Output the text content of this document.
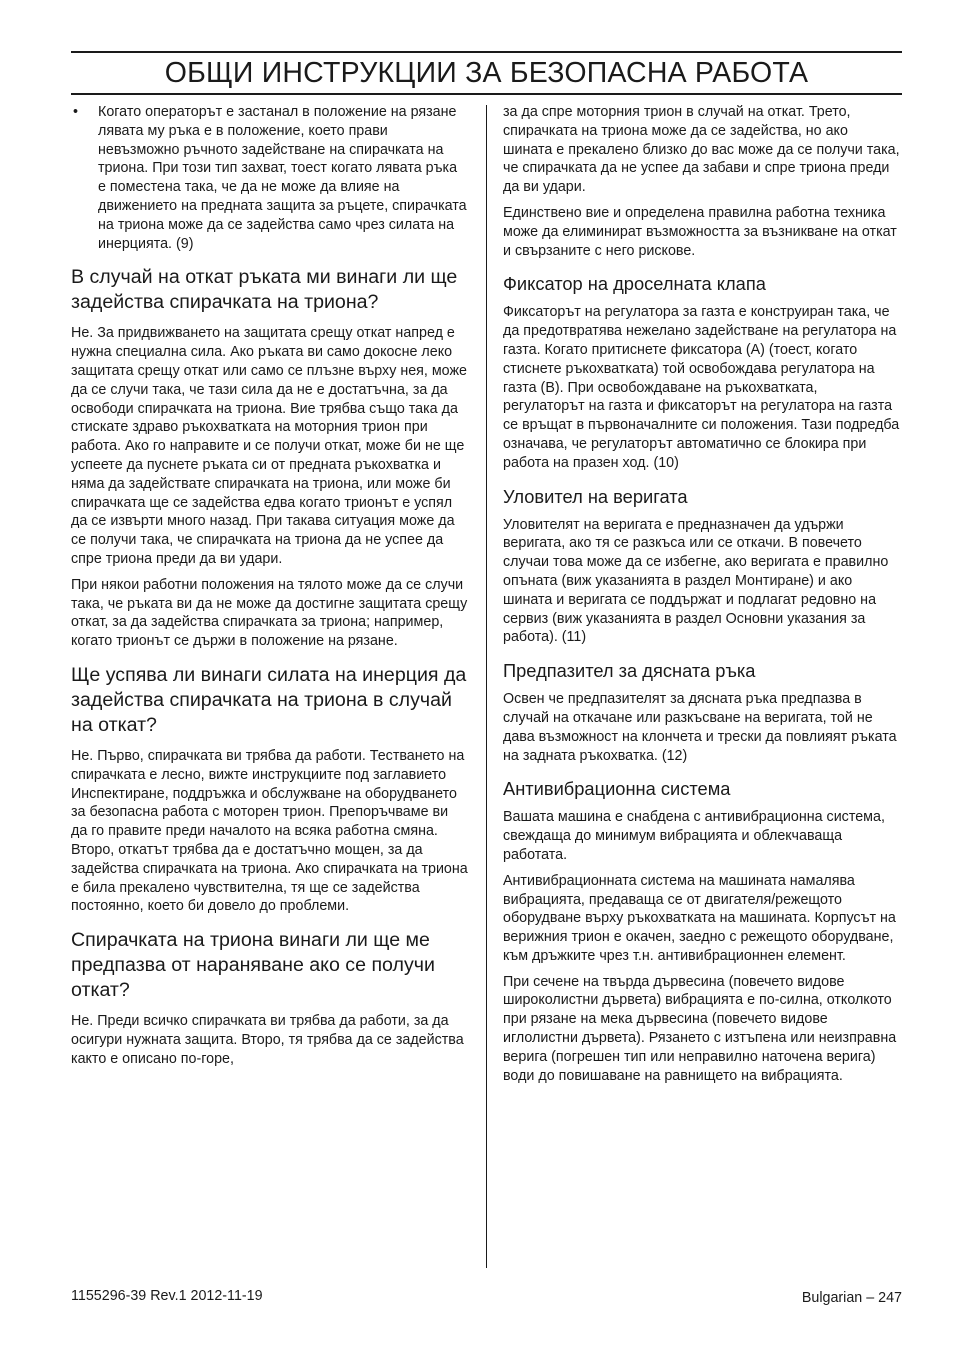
ОБЩИ ИНСТРУКЦИИ ЗА БЕЗОПАСНА РАБОТА

• Когато операторът е застанал в положение на рязане лявата му ръка е в положение, което прави невъзможно ръчното задействане на спирачката на триона. При този тип захват, тоест когато лявата ръка е поместена така, че да не може да влияе на движението на предната защита за ръцете, спирачката на триона може да се задейства само чрез силата на инерцията. (9)

В случай на откат ръката ми винаги ли ще задейства спирачката на триона?

Не. За придвижването на защитата срещу откат напред е нужна специална сила. Ако ръката ви само докосне леко защитата срещу откат или само се плъзне върху нея, може да се случи така, че тази сила да не е достатъчна, за да освободи спирачката на триона. Вие трябва също така да стискате здраво ръкохватката на моторния трион при работа. Ако го направите и се получи откат, може би не ще успеете да пуснете ръката си от предната ръкохватка и няма да задействате спирачката на триона, или може би спирачката ще се задейства едва когато трионът е успял да се извърти много назад. При такава ситуация може да се получи така, че спирачката на триона да не успее да спре триона преди да ви удари.

При някои работни положения на тялото може да се случи така, че ръката ви да не може да достигне защитата срещу откат, за да задейства спирачката за триона; например, когато трионът се държи в положение на рязане.

Ще успява ли винаги силата на инерция да задейства спирачката на триона в случай на откат?

Не. Първо, спирачката ви трябва да работи. Тестването на спирачката е лесно, вижте инструкциите под заглавието Инспектиране, поддръжка и обслужване на оборудването за безопасна работа с моторен трион. Препоръчваме ви да го правите преди началото на всяка работна смяна. Второ, откатът трябва да е достатъчно мощен, за да задейства спирачката на триона. Ако спирачката на триона е била прекалено чувствителна, тя ще се задейства постоянно, което би довело до проблеми.

Спирачката на триона винаги ли ще ме предпазва от нараняване ако се получи откат?

Не. Преди всичко спирачката ви трябва да работи, за да осигури нужната защита. Второ, тя трябва да се задейства както е описано по-горе,

за да спре моторния трион в случай на откат. Трето, спирачката на триона може да се задейства, но ако шината е прекалено близко до вас може да се получи така, че спирачката да не успее да забави и спре триона преди да ви удари.

Единствено вие и определена правилна работна техника може да елиминират възможността за възникване на откат и свързаните с него рискове.

Фиксатор на дроселната клапа

Фиксаторът на регулатора за газта е конструиран така, че да предотвратява нежелано задействане на регулатора на газта. Когато притиснете фиксатора (A) (тоест, когато стиснете ръкохватката) той освобождава регулатора на газта (B). При освобождаване на ръкохватката, регулаторът на газта и фиксаторът на регулатора на газта се връщат в първоначалните си положения. Тази подредба означава, че регулаторът автоматично се блокира при работа на празен ход. (10)

Уловител на веригата

Уловителят на веригата е предназначен да удържи веригата, ако тя се разкъса или се откачи. В повечето случаи това може да се избегне, ако веригата е правилно опъната (виж указанията в раздел Монтиране) и ако шината и веригата се поддържат и подлагат редовно на сервиз (виж указанията в раздел Основни указания за работа). (11)

Предпазител за дясната ръка

Освен че предпазителят за дясната ръка предпазва в случай на откачане или разкъсване на веригата, той не дава възможност на клончета и трески да повлияят ръката на задната ръкохватка. (12)

Антивибрационна система

Вашата машина е снабдена с антивибрационна система, свеждаща до минимум вибрацията и облекчаваща работата.

Антивибрационната система на машината намалява вибрацията, предаваща се от двигателя/режещото оборудване върху ръкохватката на машината. Корпусът на верижния трион е окачен, заедно с режещото оборудване, към дръжките чрез т.н. антивибрационнен елемент.

При сечене на твърда дървесина (повечето видове широколистни дървета) вибрацията е по-силна, отколкото при рязане на мека дървесина (повечето видове иглолистни дървета). Рязането с изтъпена или неизправна верига (погрешен тип или неправилно наточена верига) води до повишаване на равнището на вибрацията.

1155296-39 Rev.1 2012-11-19	Bulgarian – 247
